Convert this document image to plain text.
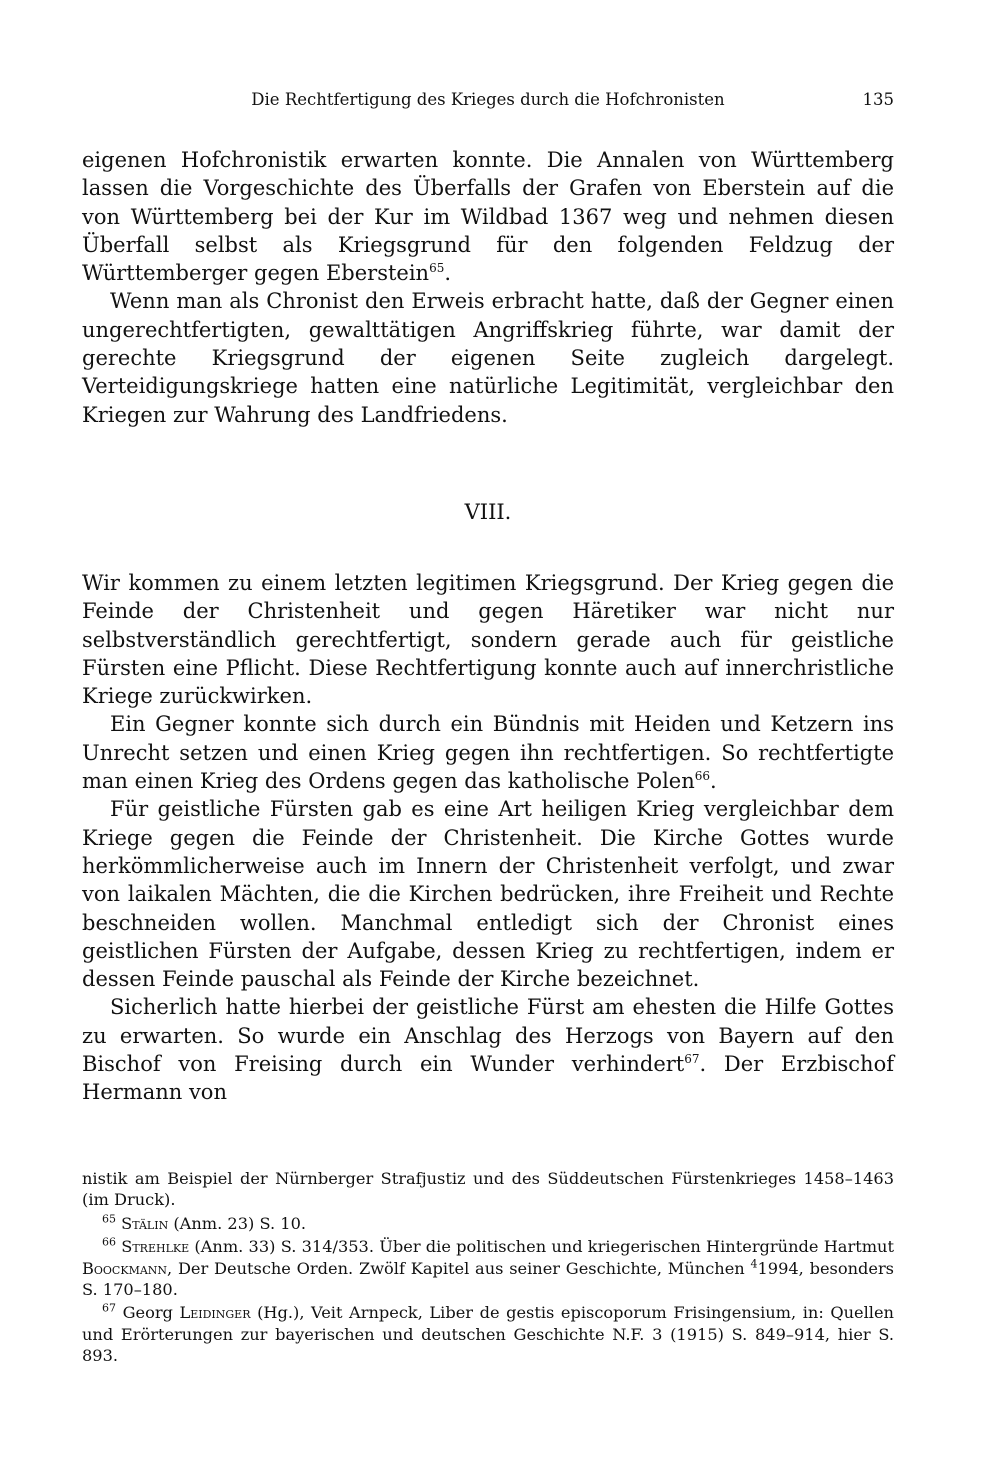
Die Rechtfertigung des Krieges durch die Hofchronisten	135

eigenen Hofchronistik erwarten konnte. Die Annalen von Württemberg lassen die Vorgeschichte des Überfalls der Grafen von Eberstein auf die von Württemberg bei der Kur im Wildbad 1367 weg und nehmen diesen Überfall selbst als Kriegsgrund für den folgenden Feldzug der Württemberger gegen Eberstein$^{65}$.

Wenn man als Chronist den Erweis erbracht hatte, daß der Gegner einen ungerechtfertigten, gewalttätigen Angriffskrieg führte, war damit der gerechte Kriegsgrund der eigenen Seite zugleich dargelegt. Verteidigungskriege hatten eine natürliche Legitimität, vergleichbar den Kriegen zur Wahrung des Landfriedens.

VIII.

Wir kommen zu einem letzten legitimen Kriegsgrund. Der Krieg gegen die Feinde der Christenheit und gegen Häretiker war nicht nur selbstverständlich gerechtfertigt, sondern gerade auch für geistliche Fürsten eine Pflicht. Diese Rechtfertigung konnte auch auf innerchristliche Kriege zurückwirken.

Ein Gegner konnte sich durch ein Bündnis mit Heiden und Ketzern ins Unrecht setzen und einen Krieg gegen ihn rechtfertigen. So rechtfertigte man einen Krieg des Ordens gegen das katholische Polen$^{66}$.

Für geistliche Fürsten gab es eine Art heiligen Krieg vergleichbar dem Kriege gegen die Feinde der Christenheit. Die Kirche Gottes wurde herkömmlicherweise auch im Innern der Christenheit verfolgt, und zwar von laikalen Mächten, die die Kirchen bedrücken, ihre Freiheit und Rechte beschneiden wollen. Manchmal entledigt sich der Chronist eines geistlichen Fürsten der Aufgabe, dessen Krieg zu rechtfertigen, indem er dessen Feinde pauschal als Feinde der Kirche bezeichnet.

Sicherlich hatte hierbei der geistliche Fürst am ehesten die Hilfe Gottes zu erwarten. So wurde ein Anschlag des Herzogs von Bayern auf den Bischof von Freising durch ein Wunder verhindert$^{67}$. Der Erzbischof Hermann von

nistik am Beispiel der Nürnberger Strafjustiz und des Süddeutschen Fürstenkrieges 1458–1463 (im Druck).

$^{65}$ Stälin (Anm. 23) S. 10.

$^{66}$ Strehlke (Anm. 33) S. 314/353. Über die politischen und kriegerischen Hintergründe Hartmut Boockmann, Der Deutsche Orden. Zwölf Kapitel aus seiner Geschichte, München $^4$1994, besonders S. 170–180.

$^{67}$ Georg Leidinger (Hg.), Veit Arnpeck, Liber de gestis episcoporum Frisingensium, in: Quellen und Erörterungen zur bayerischen und deutschen Geschichte N.F. 3 (1915) S. 849–914, hier S. 893.
